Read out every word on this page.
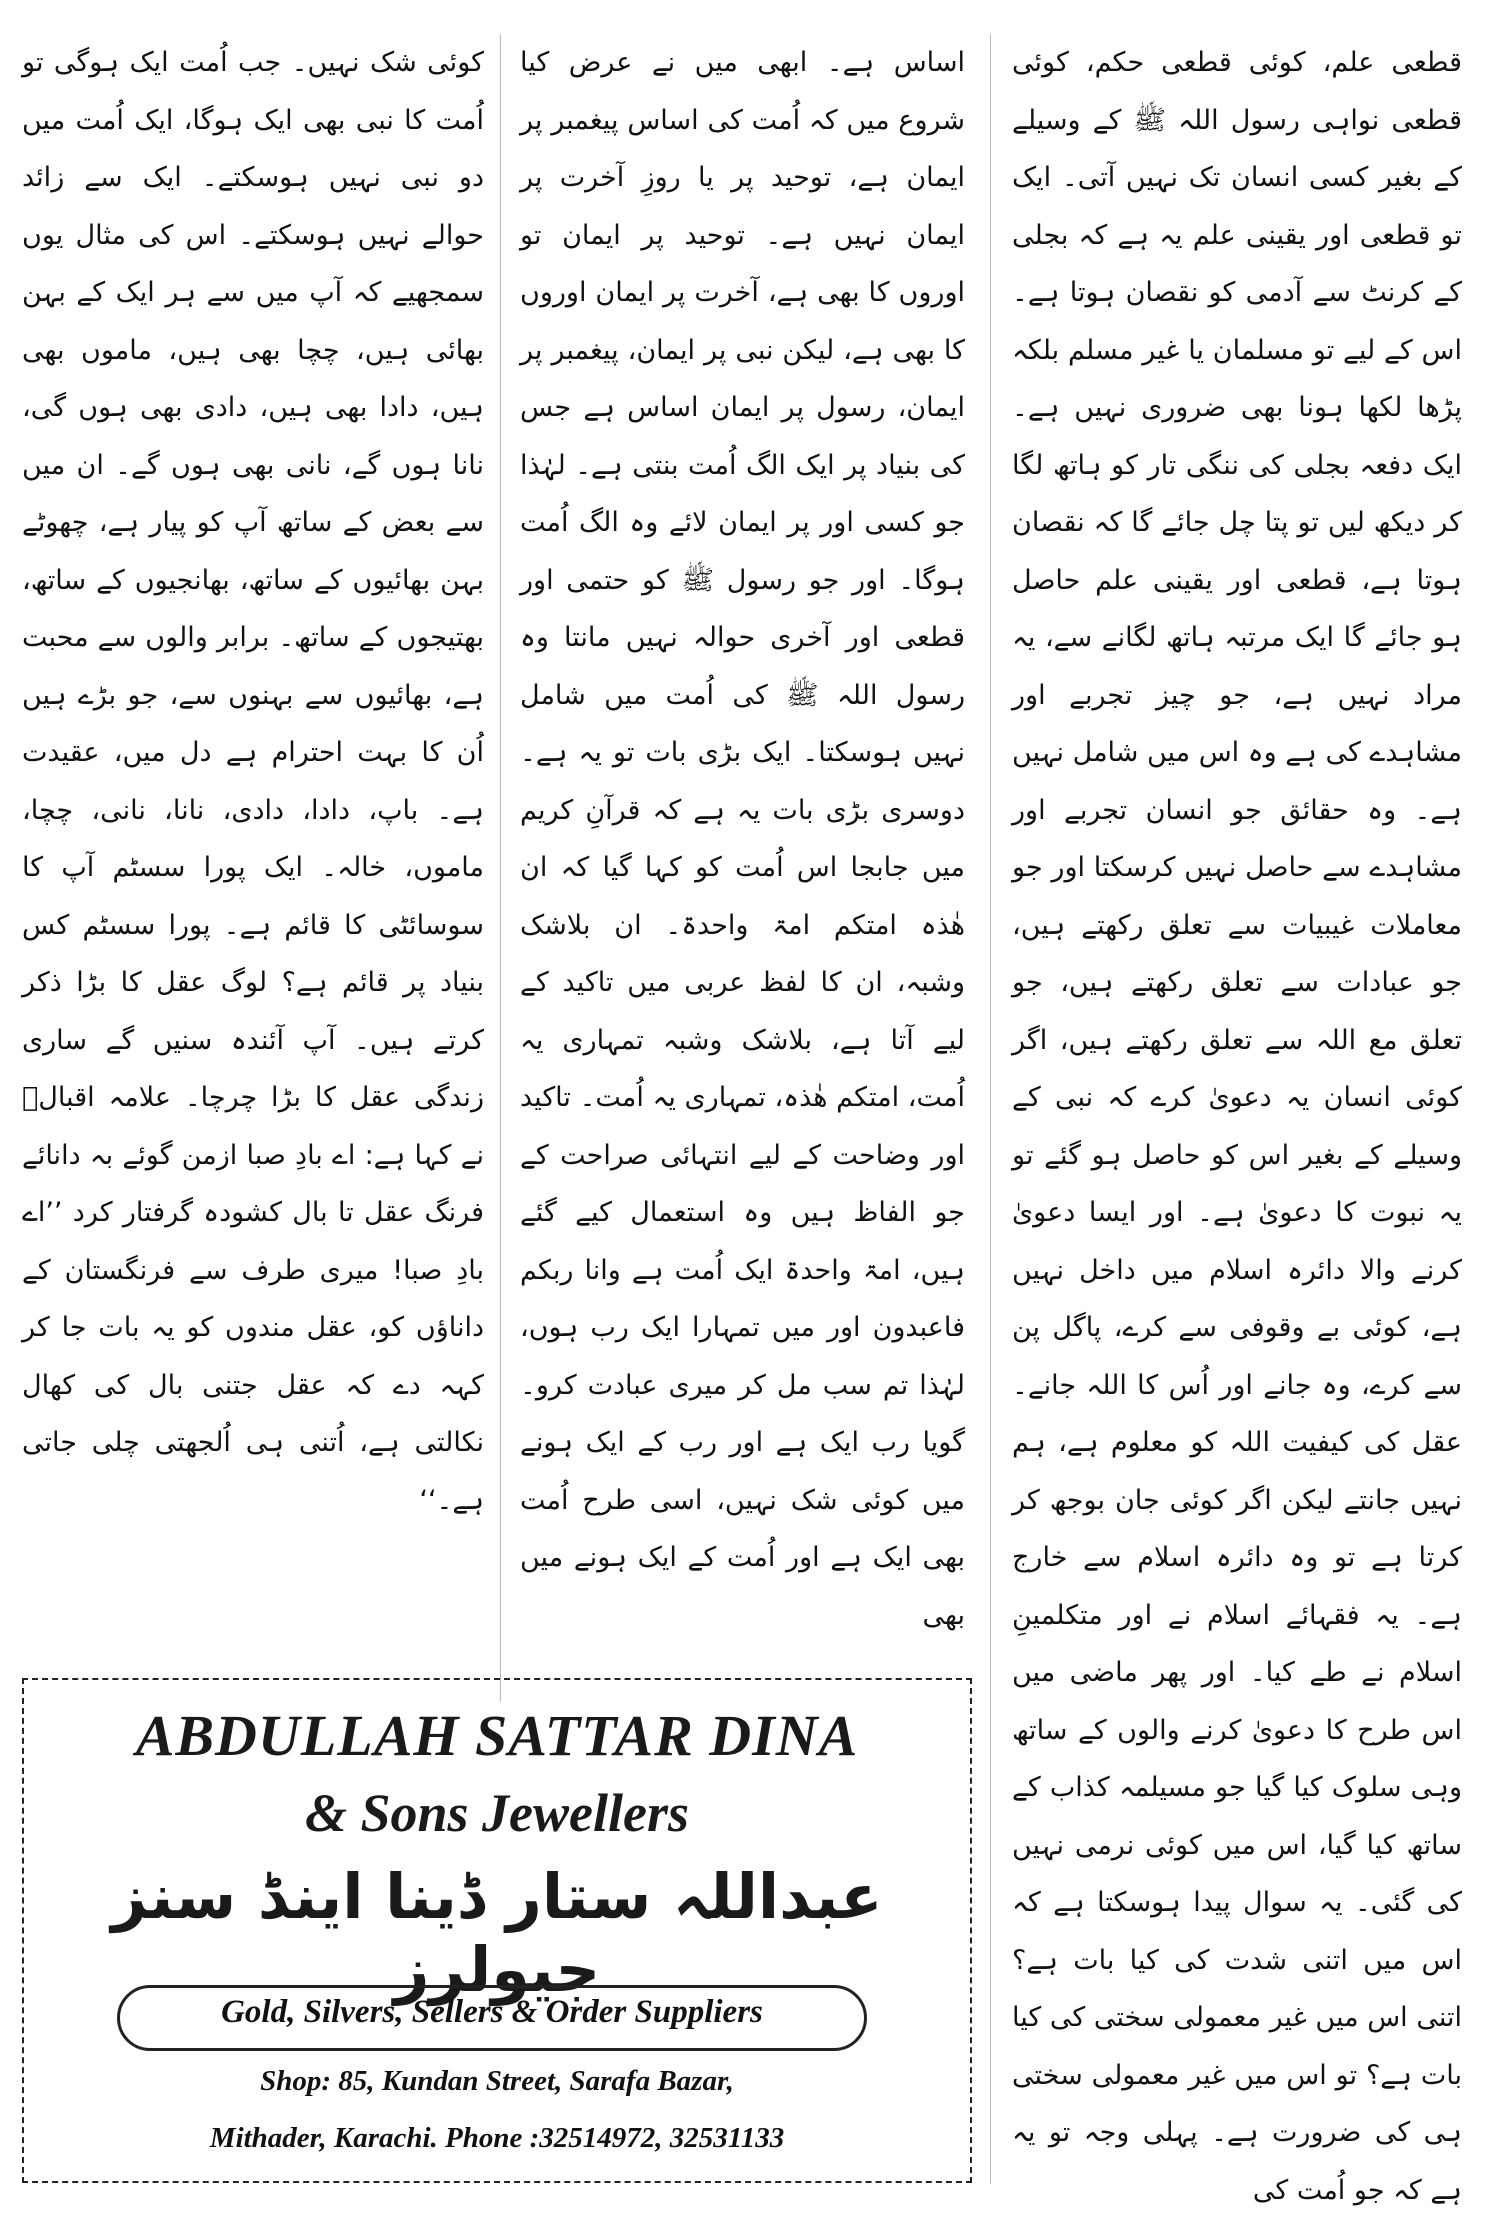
قطعی علم، کوئی قطعی حکم، کوئی قطعی نواہی رسول اللہ ﷺ کے وسیلے کے بغیر کسی انسان تک نہیں آتی۔ ایک تو قطعی اور یقینی علم یہ ہے کہ بجلی کے کرنٹ سے آدمی کو نقصان ہوتا ہے۔ اس کے لیے تو مسلمان یا غیر مسلم بلکہ پڑھا لکھا ہونا بھی ضروری نہیں ہے۔ ایک دفعہ بجلی کی ننگی تار کو ہاتھ لگا کر دیکھ لیں تو پتا چل جائے گا کہ نقصان ہوتا ہے، قطعی اور یقینی علم حاصل ہو جائے گا ایک مرتبہ ہاتھ لگانے سے، یہ مراد نہیں ہے، جو چیز تجربے اور مشاہدے کی ہے وہ اس میں شامل نہیں ہے۔ وہ حقائق جو انسان تجربے اور مشاہدے سے حاصل نہیں کرسکتا اور جو معاملات غیبیات سے تعلق رکھتے ہیں، جو عبادات سے تعلق رکھتے ہیں، جو تعلق مع اللہ سے تعلق رکھتے ہیں، اگر کوئی انسان یہ دعویٰ کرے کہ نبی کے وسیلے کے بغیر اس کو حاصل ہو گئے تو یہ نبوت کا دعویٰ ہے۔ اور ایسا دعویٰ کرنے والا دائرہ اسلام میں داخل نہیں ہے، کوئی بے وقوفی سے کرے، پاگل پن سے کرے، وہ جانے اور اُس کا اللہ جانے۔ عقل کی کیفیت اللہ کو معلوم ہے، ہم نہیں جانتے لیکن اگر کوئی جان بوجھ کر کرتا ہے تو وہ دائرہ اسلام سے خارج ہے۔ یہ فقہائے اسلام نے اور متکلمینِ اسلام نے طے کیا۔ اور پھر ماضی میں اس طرح کا دعویٰ کرنے والوں کے ساتھ وہی سلوک کیا گیا جو مسیلمہ کذاب کے ساتھ کیا گیا، اس میں کوئی نرمی نہیں کی گئی۔ یہ سوال پیدا ہوسکتا ہے کہ اس میں اتنی شدت کی کیا بات ہے؟ اتنی اس میں غیر معمولی سختی کی کیا بات ہے؟ تو اس میں غیر معمولی سختی ہی کی ضرورت ہے۔ پہلی وجہ تو یہ ہے کہ جو اُمت کی

اساس ہے۔ ابھی میں نے عرض کیا شروع میں کہ اُمت کی اساس پیغمبر پر ایمان ہے، توحید پر یا روزِ آخرت پر ایمان نہیں ہے۔ توحید پر ایمان تو اوروں کا بھی ہے، آخرت پر ایمان اوروں کا بھی ہے، لیکن نبی پر ایمان، پیغمبر پر ایمان، رسول پر ایمان اساس ہے جس کی بنیاد پر ایک الگ اُمت بنتی ہے۔ لہٰذا جو کسی اور پر ایمان لائے وہ الگ اُمت ہوگا۔ اور جو رسول ﷺ کو حتمی اور قطعی اور آخری حوالہ نہیں مانتا وہ رسول اللہ ﷺ کی اُمت میں شامل نہیں ہوسکتا۔ ایک بڑی بات تو یہ ہے۔ دوسری بڑی بات یہ ہے کہ قرآنِ کریم میں جابجا اس اُمت کو کہا گیا کہ ان ھٰذہ امتکم امۃ واحدۃ۔ ان بلاشک وشبہ، ان کا لفظ عربی میں تاکید کے لیے آتا ہے، بلاشک وشبہ تمہاری یہ اُمت، امتکم ھٰذہ، تمہاری یہ اُمت۔ تاکید اور وضاحت کے لیے انتہائی صراحت کے جو الفاظ ہیں وہ استعمال کیے گئے ہیں، امۃ واحدۃ ایک اُمت ہے وانا ربکم فاعبدون اور میں تمہارا ایک رب ہوں، لہٰذا تم سب مل کر میری عبادت کرو۔ گویا رب ایک ہے اور رب کے ایک ہونے میں کوئی شک نہیں، اسی طرح اُمت بھی ایک ہے اور اُمت کے ایک ہونے میں بھی

کوئی شک نہیں۔ جب اُمت ایک ہوگی تو اُمت کا نبی بھی ایک ہوگا، ایک اُمت میں دو نبی نہیں ہوسکتے۔ ایک سے زائد حوالے نہیں ہوسکتے۔ اس کی مثال یوں سمجھیے کہ آپ میں سے ہر ایک کے بہن بھائی ہیں، چچا بھی ہیں، ماموں بھی ہیں، دادا بھی ہیں، دادی بھی ہوں گی، نانا ہوں گے، نانی بھی ہوں گے۔ ان میں سے بعض کے ساتھ آپ کو پیار ہے، چھوٹے بہن بھائیوں کے ساتھ، بھانجیوں کے ساتھ، بھتیجوں کے ساتھ۔ برابر والوں سے محبت ہے، بھائیوں سے بہنوں سے، جو بڑے ہیں اُن کا بہت احترام ہے دل میں، عقیدت ہے۔ باپ، دادا، دادی، نانا، نانی، چچا، ماموں، خالہ۔ ایک پورا سسٹم آپ کا سوسائٹی کا قائم ہے۔ پورا سسٹم کس بنیاد پر قائم ہے؟ لوگ عقل کا بڑا ذکر کرتے ہیں۔ آپ آئندہ سنیں گے ساری زندگی عقل کا بڑا چرچا۔ علامہ اقبالؒ نے کہا ہے: اے بادِ صبا ازمن گوئے بہ دانائے فرنگ عقل تا بال کشودہ گرفتار کرد ’’اے بادِ صبا! میری طرف سے فرنگستان کے داناؤں کو، عقل مندوں کو یہ بات جا کر کہہ دے کہ عقل جتنی بال کی کھال نکالتی ہے، اُتنی ہی اُلجھتی چلی جاتی ہے۔‘‘

ABDULLAH SATTAR DINA
& Sons Jewellers
عبداللہ ستار ڈینا اینڈ سنز جیولرز
Gold, Silvers, Sellers & Order Suppliers
Shop: 85, Kundan Street, Sarafa Bazar,
Mithader, Karachi. Phone :32514972, 32531133
